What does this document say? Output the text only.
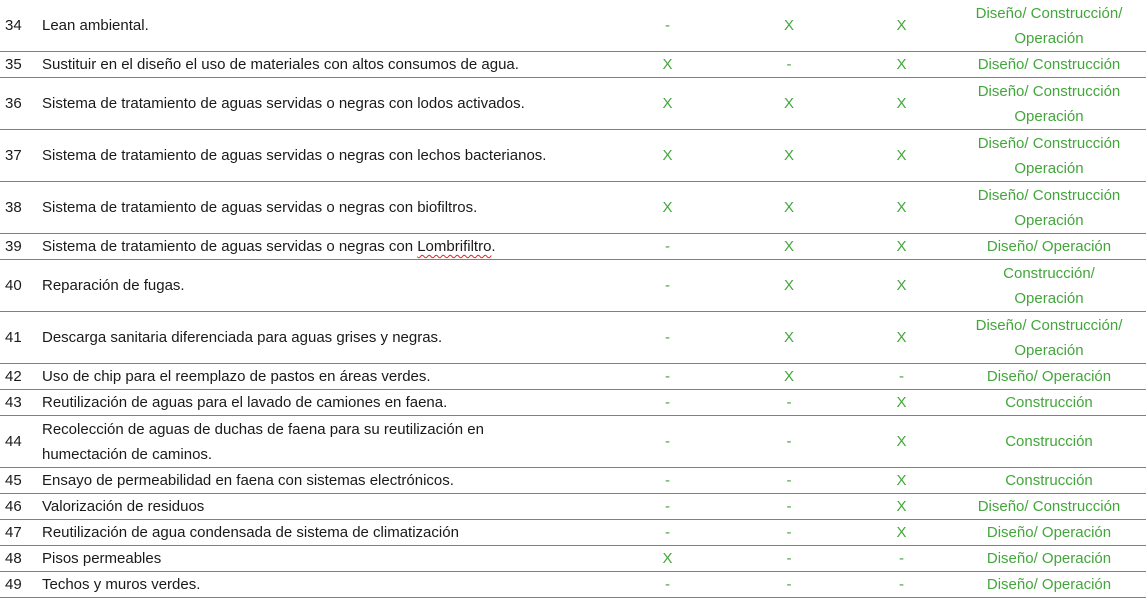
34	Lean ambiental.	-	X	X	Diseño/ Construcción/
Operación

35	Sustituir en el diseño el uso de materiales con altos consumos de agua.	X	-	X	Diseño/ Construcción

36	Sistema de tratamiento de aguas servidas o negras con lodos activados.	X	X	X	Diseño/ Construcción
Operación

37	Sistema de tratamiento de aguas servidas o negras con lechos bacterianos.	X	X	X	Diseño/ Construcción
Operación

38	Sistema de tratamiento de aguas servidas o negras con biofiltros.	X	X	X	Diseño/ Construcción
Operación

39	Sistema de tratamiento de aguas servidas o negras con Lombrifiltro.	-	X	X	Diseño/ Operación

40	Reparación de fugas.	-	X	X	Construcción/
Operación

41	Descarga sanitaria diferenciada para aguas grises y negras.	-	X	X	Diseño/ Construcción/
Operación

42	Uso de chip para el reemplazo de pastos en áreas verdes.	-	X	-	Diseño/ Operación

43	Reutilización de aguas para el lavado de camiones en faena.	-	-	X	Construcción

44	Recolección de aguas de duchas de faena para su reutilización en
humectación de caminos.	-	-	X	Construcción

45	Ensayo de permeabilidad en faena con sistemas electrónicos.	-	-	X	Construcción

46	Valorización de residuos	-	-	X	Diseño/ Construcción

47	Reutilización de agua condensada de sistema de climatización	-	-	X	Diseño/ Operación

48	Pisos permeables	X	-	-	Diseño/ Operación

49	Techos y muros verdes.	-	-	-	Diseño/ Operación
